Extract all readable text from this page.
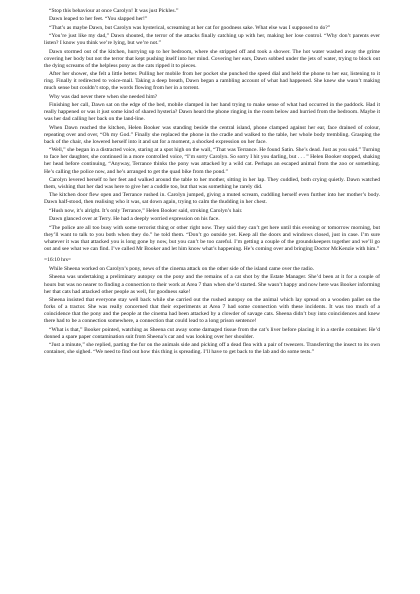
“Stop this behaviour at once Carolyn! It was just Pickles.”

Dawn leaped to her feet. “You slapped her!”

“That’s as maybe Dawn, but Carolyn was hysterical, screaming at her cat for goodness sake. What else was I supposed to do?”

“You’re just like my dad,” Dawn shouted, the terror of the attacks finally catching up with her, making her lose control. “Why don’t parents ever listen? I know you think we’re lying, but we’re not.”

Dawn stormed out of the kitchen, hurrying up to her bedroom, where she stripped off and took a shower. The hot water washed away the grime covering her body but not the terror that kept pushing itself into her mind. Covering her ears, Dawn sobbed under the jets of water, trying to block out the dying screams of the helpless pony as the cats ripped it to pieces.

After her shower, she felt a little better. Pulling her mobile from her pocket she punched the speed dial and held the phone to her ear, listening to it ring. Finally it redirected to voice-mail. Taking a deep breath, Dawn began a rambling account of what had happened. She knew she wasn’t making much sense but couldn’t stop, the words flowing from her in a torrent.

Why was dad never there when she needed him?

Finishing her call, Dawn sat on the edge of the bed, mobile clamped in her hand trying to make sense of what had occurred in the paddock. Had it really happened or was it just some kind of shared hysteria? Dawn heard the phone ringing in the room below and hurried from the bedroom. Maybe it was her dad calling her back on the land-line.

When Dawn reached the kitchen, Helen Booker was standing beside the central island, phone clamped against her ear, face drained of colour, repeating over and over, “Oh my God.” Finally she replaced the phone in the cradle and walked to the table, her whole body trembling. Grasping the back of the chair, she lowered herself into it and sat for a moment, a shocked expression on her face.

“Well,” she began in a distracted voice, staring at a spot high on the wall, “That was Terrance. He found Satin. She’s dead. Just as you said.” Turning to face her daughter, she continued in a more controlled voice, “I’m sorry Carolyn. So sorry I hit you darling, but . . . ” Helen Booker stopped, shaking her head before continuing, “Anyway, Terrance thinks the pony was attacked by a wild cat. Perhaps an escaped animal from the zoo or something. He’s calling the police now, and he’s arranged to get the quad bike from the pond.”

Carolyn levered herself to her feet and walked around the table to her mother, sitting in her lap. They cuddled, both crying quietly. Dawn watched them, wishing that her dad was here to give her a cuddle too, but that was something he rarely did.

The kitchen door flew open and Terrance rushed in. Carolyn jumped, giving a muted scream, cuddling herself even further into her mother’s body. Dawn half-stood, then realising who it was, sat down again, trying to calm the thudding in her chest.

“Hush now, it’s alright. It’s only Terrance,” Helen Booker said, stroking Carolyn’s hair.

Dawn glanced over at Terry. He had a deeply worried expression on his face.

“The police are all too busy with some terrorist thing or other right now. They said they can’t get here until this evening or tomorrow morning, but they’ll want to talk to you both when they do.” he told them. “Don’t go outside yet. Keep all the doors and windows closed, just in case. I’m sure whatever it was that attacked you is long gone by now, but you can’t be too careful. I’m getting a couple of the groundskeepers together and we’ll go out and see what we can find. I’ve called Mr Booker and let him know what’s happening. He’s coming over and bringing Doctor McKenzie with him.”

=16:10 hrs=

While Sheena worked on Carolyn’s pony, news of the cinema attack on the other side of the island came over the radio.

Sheena was undertaking a preliminary autopsy on the pony and the remains of a cat shot by the Estate Manager. She’d been at it for a couple of hours but was no nearer to finding a connection to their work at Area 7 than when she’d started. She wasn’t happy and now here was Booker informing her that cats had attacked other people as well, for goodness sake!

Sheena insisted that everyone stay well back while she carried out the rushed autopsy on the animal which lay spread on a wooden pallet on the forks of a tractor. She was really concerned that their experiments at Area 7 had some connection with these incidents. It was too much of a coincidence that the pony and the people at the cinema had been attacked by a clowder of savage cats. Sheena didn’t buy into coincidences and knew there had to be a connection somewhere, a connection that could lead to a long prison sentence!

“What is that,” Booker pointed, watching as Sheena cut away some damaged tissue from the cat’s liver before placing it in a sterile container. He’d donned a spare paper contamination suit from Sheena’s car and was looking over her shoulder.

“Just a minute,” she replied, parting the fur on the animals side and picking off a dead flea with a pair of tweezers. Transferring the insect to its own container, she sighed. “We need to find out how this thing is spreading. I’ll have to get back to the lab and do some tests.”
